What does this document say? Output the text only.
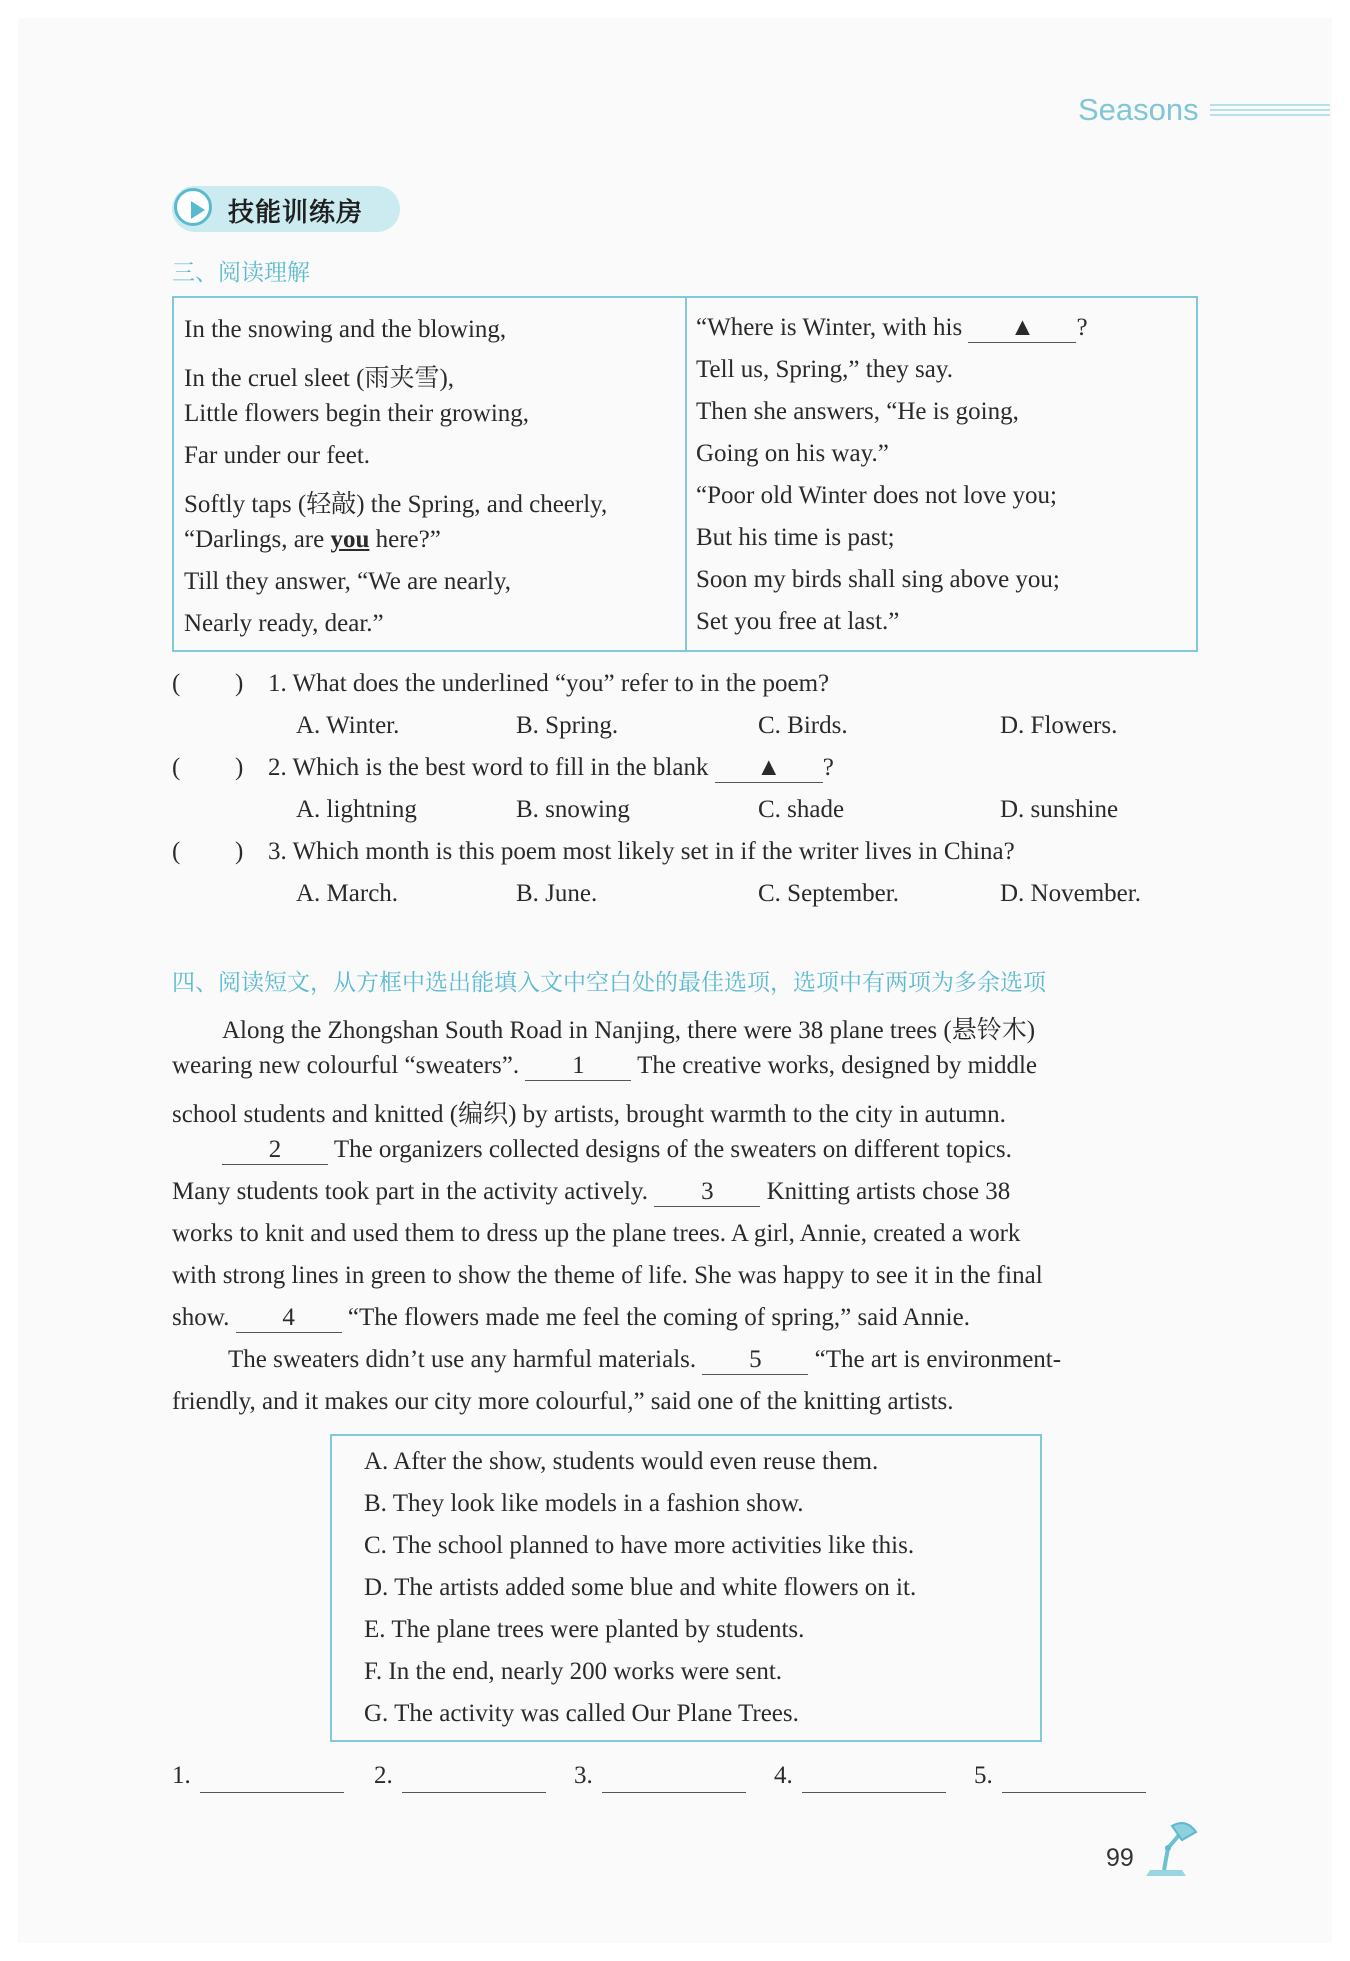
Seasons
技能训练房
三、阅读理解
In the snowing and the blowing,
In the cruel sleet (雨夹雪),
Little flowers begin their growing,
Far under our feet.
Softly taps (轻敲) the Spring, and cheerly,
“Darlings, are you here?”
Till they answer, “We are nearly,
Nearly ready, dear.”
“Where is Winter, with his ▲ ?
Tell us, Spring,” they say.
Then she answers, “He is going,
Going on his way.”
“Poor old Winter does not love you;
But his time is past;
Soon my birds shall sing above you;
Set you free at last.”
( ) 1. What does the underlined “you” refer to in the poem?
A. Winter.	B. Spring.	C. Birds.	D. Flowers.
( ) 2. Which is the best word to fill in the blank ▲ ?
A. lightning	B. snowing	C. shade	D. sunshine
( ) 3. Which month is this poem most likely set in if the writer lives in China?
A. March.	B. June.	C. September.	D. November.
四、阅读短文，从方框中选出能填入文中空白处的最佳选项，选项中有两项为多余选项
Along the Zhongshan South Road in Nanjing, there were 38 plane trees (悬铃木)
wearing new colourful “sweaters”. 1 The creative works, designed by middle
school students and knitted (编织) by artists, brought warmth to the city in autumn.
2 The organizers collected designs of the sweaters on different topics.
Many students took part in the activity actively. 3 Knitting artists chose 38
works to knit and used them to dress up the plane trees. A girl, Annie, created a work
with strong lines in green to show the theme of life. She was happy to see it in the final
show. 4 “The flowers made me feel the coming of spring,” said Annie.
The sweaters didn’t use any harmful materials. 5 “The art is environment-
friendly, and it makes our city more colourful,” said one of the knitting artists.
A. After the show, students would even reuse them.
B. They look like models in a fashion show.
C. The school planned to have more activities like this.
D. The artists added some blue and white flowers on it.
E. The plane trees were planted by students.
F. In the end, nearly 200 works were sent.
G. The activity was called Our Plane Trees.
1.	2.	3.	4.	5.
99
